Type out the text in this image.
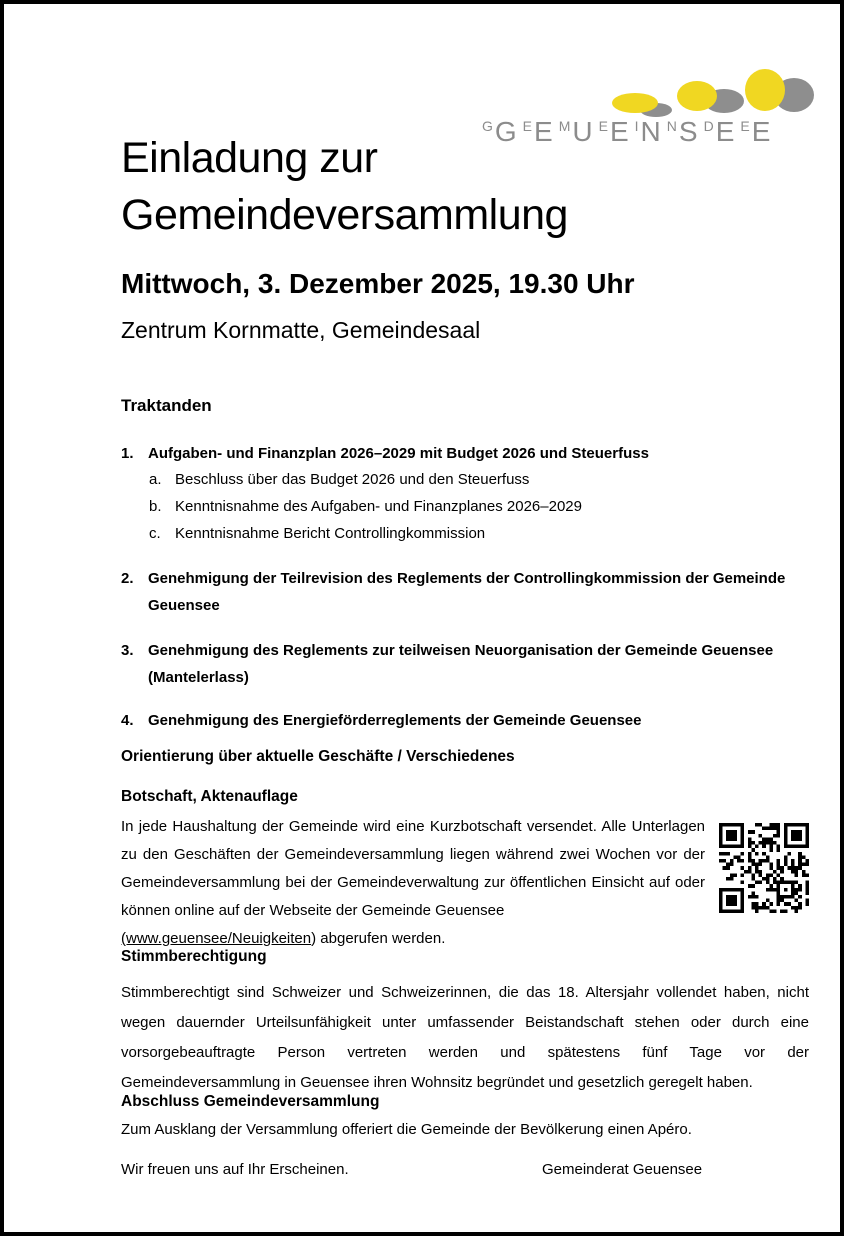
GG EE MU EE IN NS DE EE
Einladung zur
Gemeindeversammlung
Mittwoch, 3. Dezember 2025, 19.30 Uhr
Zentrum Kornmatte, Gemeindesaal
Traktanden
1. Aufgaben- und Finanzplan 2026–2029 mit Budget 2026 und Steuerfuss
a. Beschluss über das Budget 2026 und den Steuerfuss
b. Kenntnisnahme des Aufgaben- und Finanzplanes 2026–2029
c. Kenntnisnahme Bericht Controllingkommission
2. Genehmigung der Teilrevision des Reglements der Controllingkommission der Gemeinde Geuensee
3. Genehmigung des Reglements zur teilweisen Neuorganisation der Gemeinde Geuensee (Mantelerlass)
4. Genehmigung des Energieförderreglements der Gemeinde Geuensee
Orientierung über aktuelle Geschäfte / Verschiedenes
Botschaft, Aktenauflage
In jede Haushaltung der Gemeinde wird eine Kurzbotschaft versendet. Alle Unterlagen zu den Geschäften der Gemeindeversammlung liegen während zwei Wochen vor der Gemeindeversammlung bei der Gemeindeverwaltung zur öffentlichen Einsicht auf oder können online auf der Webseite der Gemeinde Geuensee
(www.geuensee/Neuigkeiten) abgerufen werden.
Stimmberechtigung
Stimmberechtigt sind Schweizer und Schweizerinnen, die das 18. Altersjahr vollendet haben, nicht wegen dauernder Urteilsunfähigkeit unter umfassender Beistandschaft stehen oder durch eine vorsorgebeauftragte Person vertreten werden und spätestens fünf Tage vor der Gemeindeversammlung in Geuensee ihren Wohnsitz begründet und gesetzlich geregelt haben.
Abschluss Gemeindeversammlung
Zum Ausklang der Versammlung offeriert die Gemeinde der Bevölkerung einen Apéro.
Wir freuen uns auf Ihr Erscheinen.	Gemeinderat Geuensee
